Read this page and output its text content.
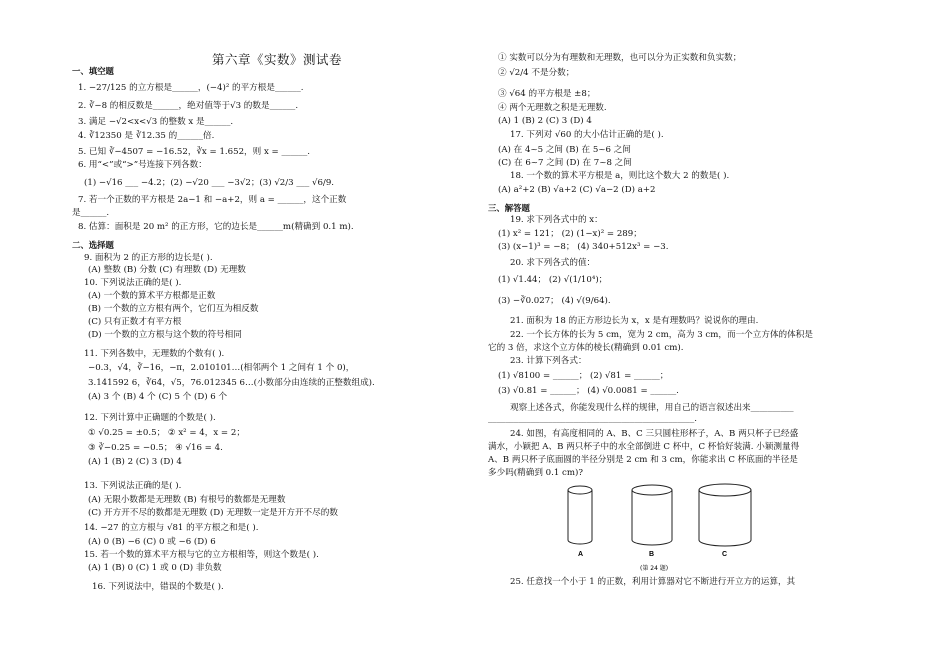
第六章《实数》测试卷
一、填空题
1. −27/125 的立方根是______，(−4)² 的平方根是______.
2. ∛−8 的相反数是______，绝对值等于√3 的数是______.
3. 满足 −√2<x<√3 的整数 x 是______.
4. ∛12350 是 ∛12.35 的______倍.
5. 已知 ∛−4507 = −16.52，∛x = 1.652，则 x = ______.
6. 用“<”或“>”号连接下列各数：
(1) −√16 ___ −4.2；(2) −√20 ___ −3√2；(3) √2/3 ___ √6/9.
7. 若一个正数的平方根是 2a−1 和 −a+2，则 a = ______，这个正数
是______.
8. 估算：面积是 20 m² 的正方形，它的边长是______m(精确到 0.1 m).
二、选择题
9. 面积为 2 的正方形的边长是( ).
(A) 整数 (B) 分数 (C) 有理数 (D) 无理数
10. 下列说法正确的是( ).
(A) 一个数的算术平方根都是正数
(B) 一个数的立方根有两个，它们互为相反数
(C) 只有正数才有平方根
(D) 一个数的立方根与这个数的符号相同
11. 下列各数中，无理数的个数有( ).
−0.3，√4，∛−16，−π，2.010101…(相邻两个 1 之间有 1 个 0)，
3.141592 6，∛64，√5，76.012345 6…(小数部分由连续的正整数组成).
(A) 3 个 (B) 4 个 (C) 5 个 (D) 6 个
12. 下列计算中正确题的个数是( ).
① √0.25 = ±0.5； ② x² = 4，x = 2；
③ ∛−0.25 = −0.5； ④ √16 = 4.
(A) 1 (B) 2 (C) 3 (D) 4
13. 下列说法正确的是( ).
(A) 无限小数都是无理数 (B) 有根号的数都是无理数
(C) 开方开不尽的数都是无理数 (D) 无理数一定是开方开不尽的数
14. −27 的立方根与 √81 的平方根之和是( ).
(A) 0 (B) −6 (C) 0 或 −6 (D) 6
15. 若一个数的算术平方根与它的立方根相等，则这个数是( ).
(A) 1 (B) 0 (C) 1 或 0 (D) 非负数
16. 下列说法中，错误的个数是( ).
① 实数可以分为有理数和无理数，也可以分为正实数和负实数；
② √2/4 不是分数；
③ √64 的平方根是 ±8；
④ 两个无理数之积是无理数.
(A) 1 (B) 2 (C) 3 (D) 4
17. 下列对 √60 的大小估计正确的是( ).
(A) 在 4~5 之间 (B) 在 5~6 之间
(C) 在 6~7 之间 (D) 在 7~8 之间
18. 一个数的算术平方根是 a，则比这个数大 2 的数是( ).
(A) a²+2 (B) √a+2 (C) √a−2 (D) a+2
三、解答题
19. 求下列各式中的 x：
(1) x² = 121； (2) (1−x)² = 289；
(3) (x−1)³ = −8； (4) 340+512x³ = −3.
20. 求下列各式的值：
(1) √1.44； (2) √(1/10⁴)；
(3) −∛0.027； (4) √(9/64).
21. 面积为 18 的正方形边长为 x，x 是有理数吗？说说你的理由.
22. 一个长方体的长为 5 cm，宽为 2 cm，高为 3 cm，而一个立方体的体积是
它的 3 倍，求这个立方体的棱长(精确到 0.01 cm).
23. 计算下列各式：
(1) √8100 = ______； (2) √81 = ______；
(3) √0.81 = ______； (4) √0.0081 = ______.
观察上述各式，你能发现什么样的规律，用自己的语言叙述出来__________
________________________________________________.
24. 如图，有高度相同的 A、B、C 三只圆柱形杯子，A、B 两只杯子已经盛
满水，小颖把 A、B 两只杯子中的水全部倒进 C 杯中，C 杯恰好装满. 小颖测量得
A、B 两只杯子底面圆的半径分别是 2 cm 和 3 cm，你能求出 C 杯底面的半径是
多少吗(精确到 0.1 cm)?
25. 任意找一个小于 1 的正数，利用计算器对它不断进行开立方的运算，其
A	B	C
(第 24 题)
